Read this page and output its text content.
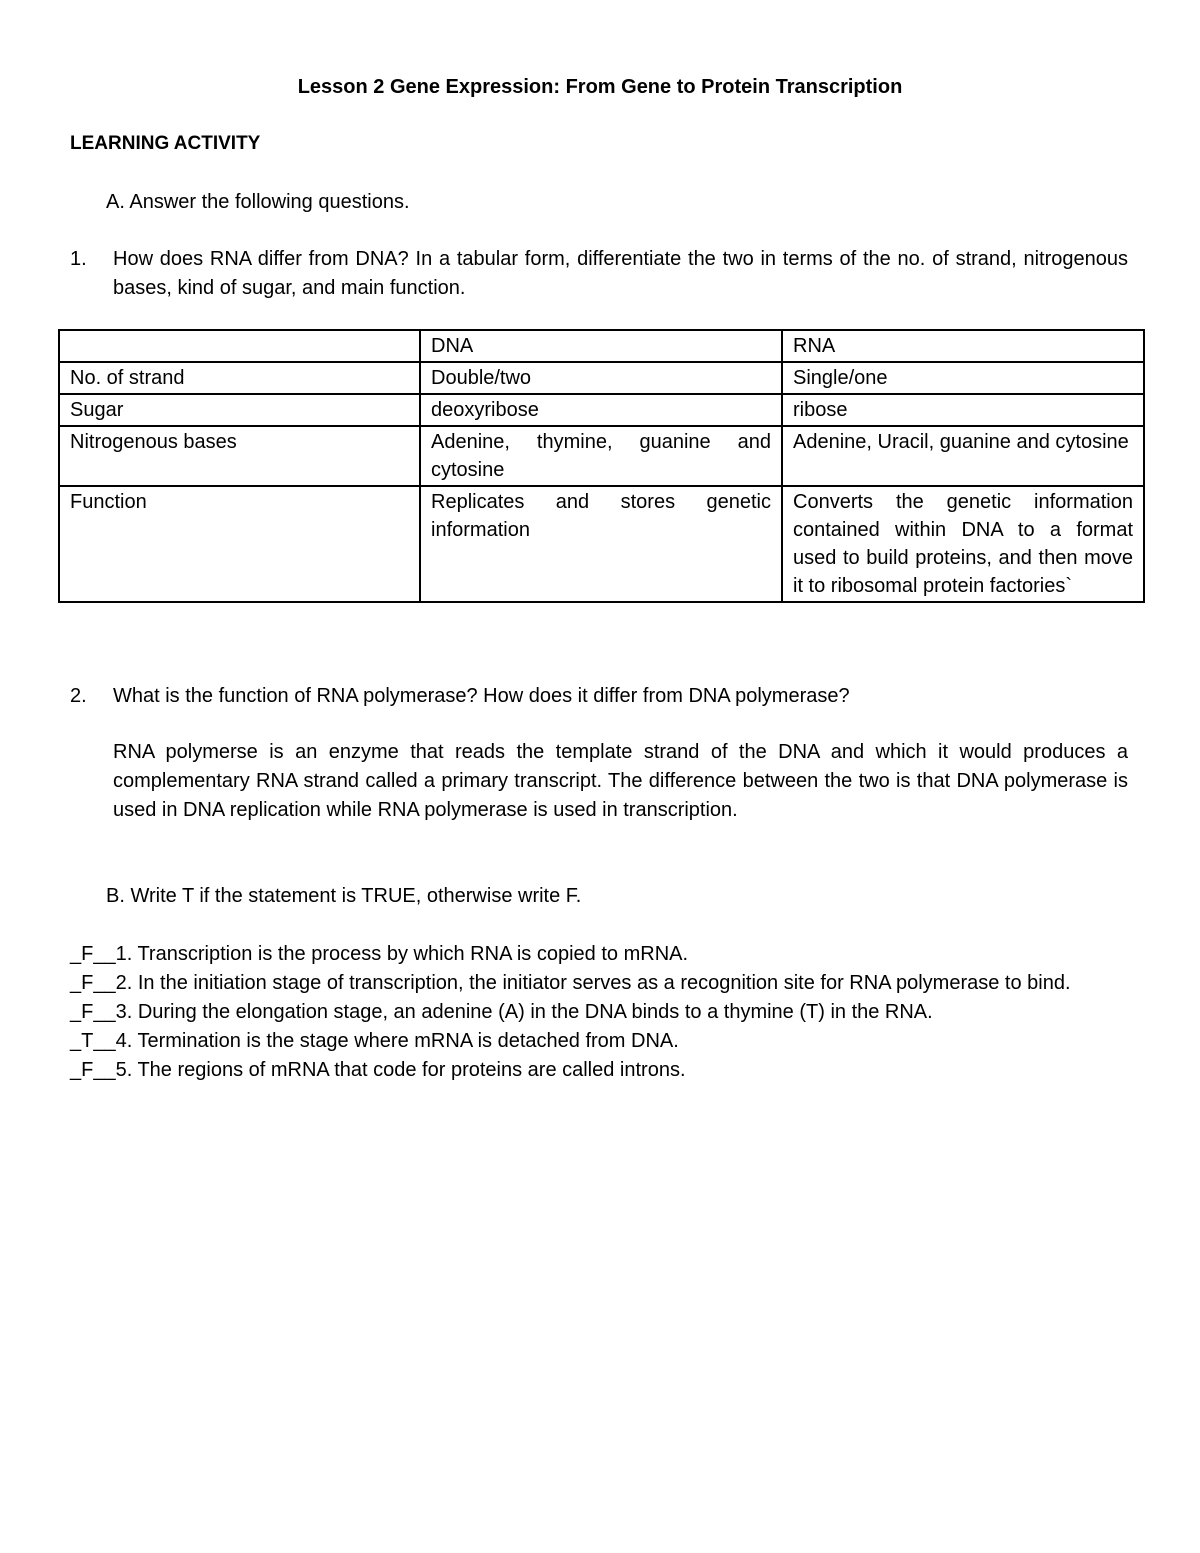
Lesson 2 Gene Expression: From Gene to Protein Transcription
LEARNING ACTIVITY
A. Answer the following questions.
1. How does RNA differ from DNA? In a tabular form, differentiate the two in terms of the no. of strand, nitrogenous bases, kind of sugar, and main function.
	DNA	RNA
No. of strand	Double/two	Single/one
Sugar	deoxyribose	ribose
Nitrogenous bases	Adenine, thymine, guanine and cytosine	Adenine, Uracil, guanine and cytosine
Function	Replicates and stores genetic information	Converts the genetic information contained within DNA to a format used to build proteins, and then move it to ribosomal protein factories`
2. What is the function of RNA polymerase? How does it differ from DNA polymerase?
RNA polymerse is an enzyme that reads the template strand of the DNA and which it would produces a complementary RNA strand called a primary transcript. The difference between the two is that DNA polymerase is used in DNA replication while RNA polymerase is used in transcription.
B. Write T if the statement is TRUE, otherwise write F.
_F__1. Transcription is the process by which RNA is copied to mRNA.
_F__2. In the initiation stage of transcription, the initiator serves as a recognition site for RNA polymerase to bind.
_F__3. During the elongation stage, an adenine (A) in the DNA binds to a thymine (T) in the RNA.
_T__4. Termination is the stage where mRNA is detached from DNA.
_F__5. The regions of mRNA that code for proteins are called introns.
